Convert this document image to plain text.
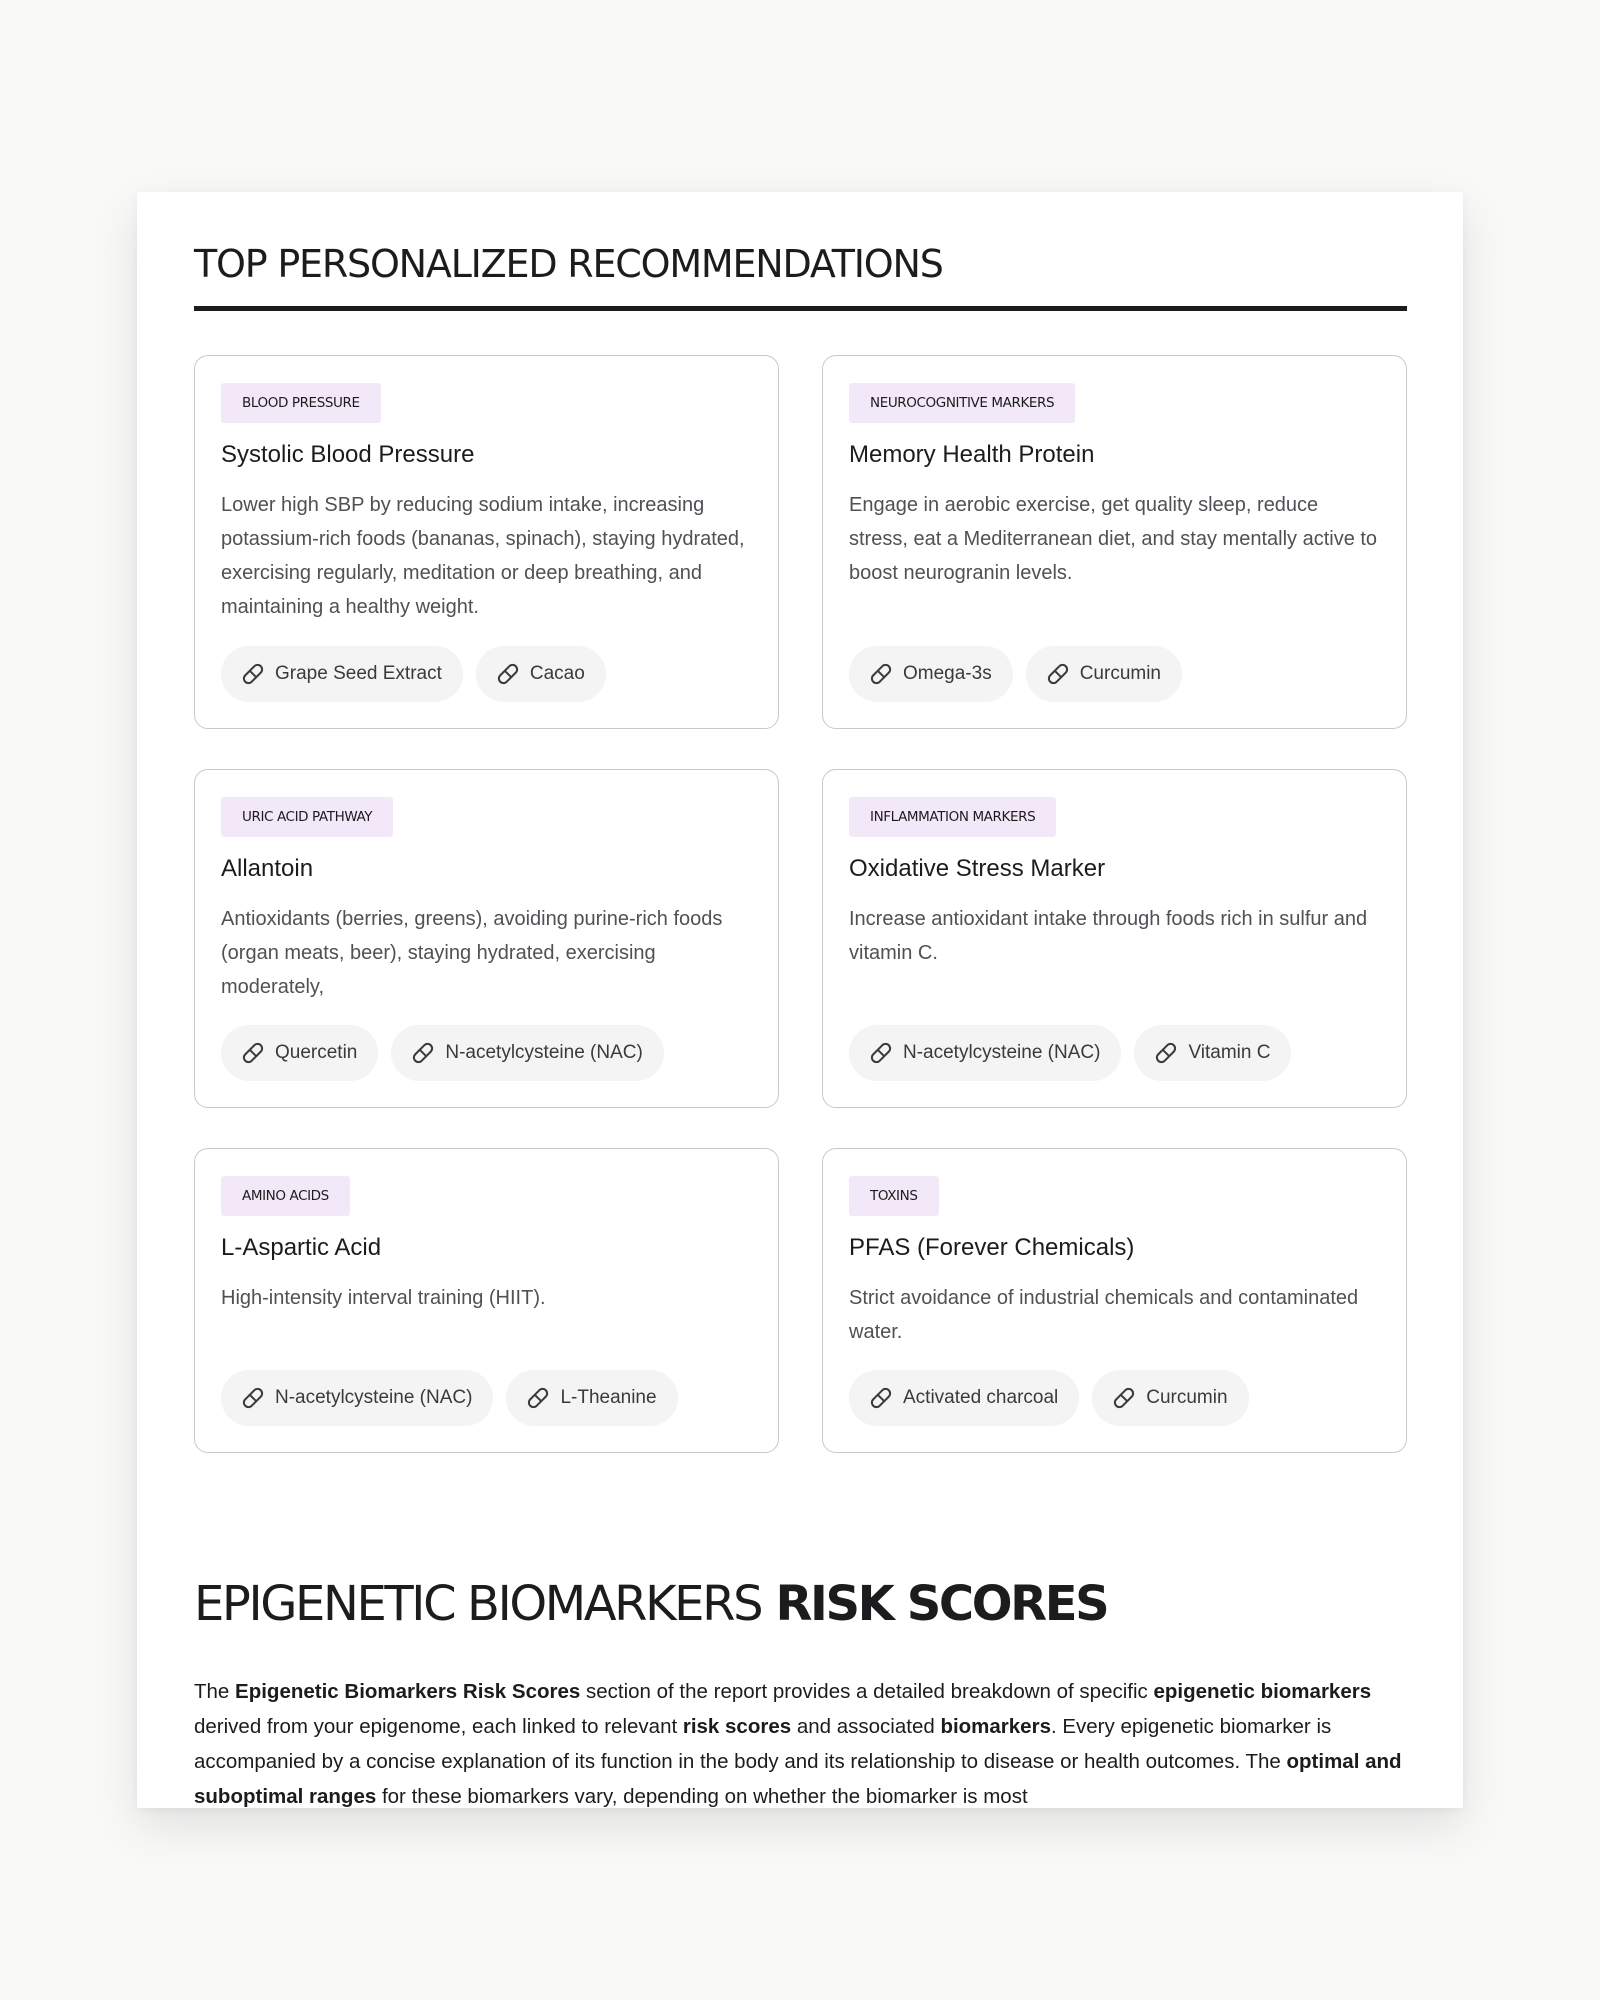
TOP PERSONALIZED RECOMMENDATIONS
BLOOD PRESSURE
Systolic Blood Pressure
Lower high SBP by reducing sodium intake, increasing potassium-rich foods (bananas, spinach), staying hydrated, exercising regularly, meditation or deep breathing, and maintaining a healthy weight.
Grape Seed Extract	Cacao
NEUROCOGNITIVE MARKERS
Memory Health Protein
Engage in aerobic exercise, get quality sleep, reduce stress, eat a Mediterranean diet, and stay mentally active to boost neurogranin levels.
Omega-3s	Curcumin
URIC ACID PATHWAY
Allantoin
Antioxidants (berries, greens), avoiding purine-rich foods (organ meats, beer), staying hydrated, exercising moderately,
Quercetin	N-acetylcysteine (NAC)
INFLAMMATION MARKERS
Oxidative Stress Marker
Increase antioxidant intake through foods rich in sulfur and vitamin C.
N-acetylcysteine (NAC)	Vitamin C
AMINO ACIDS
L-Aspartic Acid
High-intensity interval training (HIIT).
N-acetylcysteine (NAC)	L-Theanine
TOXINS
PFAS (Forever Chemicals)
Strict avoidance of industrial chemicals and contaminated water.
Activated charcoal	Curcumin
EPIGENETIC BIOMARKERS RISK SCORES

The Epigenetic Biomarkers Risk Scores section of the report provides a detailed breakdown of specific epigenetic biomarkers derived from your epigenome, each linked to relevant risk scores and associated biomarkers. Every epigenetic biomarker is accompanied by a concise explanation of its function in the body and its relationship to disease or health outcomes. The optimal and suboptimal ranges for these biomarkers vary, depending on whether the biomarker is most
